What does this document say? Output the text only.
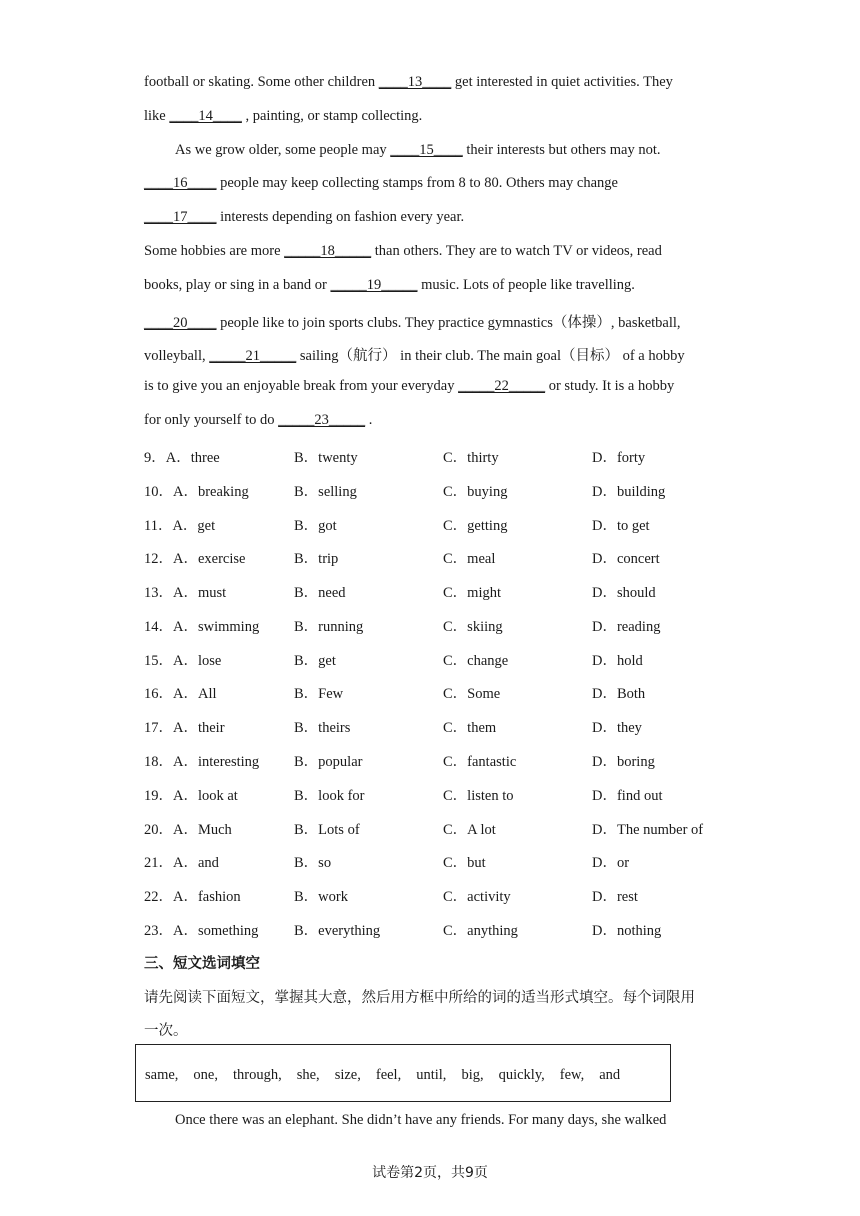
football or skating. Some other children ____13____ get interested in quiet activities. They
like ____14____ , painting, or stamp collecting.
As we grow older, some people may ____15____ their interests but others may not.
____16____ people may keep collecting stamps from 8 to 80. Others may change
____17____ interests depending on fashion every year.
Some hobbies are more _____18_____ than others. They are to watch TV or videos, read
books, play or sing in a band or _____19_____ music. Lots of people like travelling.
____20____ people like to join sports clubs. They practice gymnastics（体操）, basketball,
volleyball, _____21_____ sailing（航行） in their club. The main goal（目标） of a hobby
is to give you an enjoyable break from your everyday _____22_____ or study. It is a hobby
for only yourself to do _____23_____ .
9．A．three	B．twenty	C．thirty	D．forty
10．A．breaking	B．selling	C．buying	D．building
11．A．get	B．got	C．getting	D．to get
12．A．exercise	B．trip	C．meal	D．concert
13．A．must	B．need	C．might	D．should
14．A．swimming B．running	C．skiing	D．reading
15．A．lose	B．get	C．change	D．hold
16．A．All	B．Few	C．Some	D．Both
17．A．their	B．theirs	C．them	D．they
18．A．interesting B．popular	C．fantastic	D．boring
19．A．look at	B．look for	C．listen to	D．find out
20．A．Much	B．Lots of	C．A lot	D．The number of
21．A．and	B．so	C．but	D．or
22．A．fashion	B．work	C．activity	D．rest
23．A．something B．everything	C．anything	D．nothing
三、短文选词填空
请先阅读下面短文，掌握其大意，然后用方框中所给的词的适当形式填空。每个词限用
一次。
same, one, through, she, size, feel, until, big, quickly, few, and
Once there was an elephant. She didn’t have any friends. For many days, she walked
试卷第2页，共9页
